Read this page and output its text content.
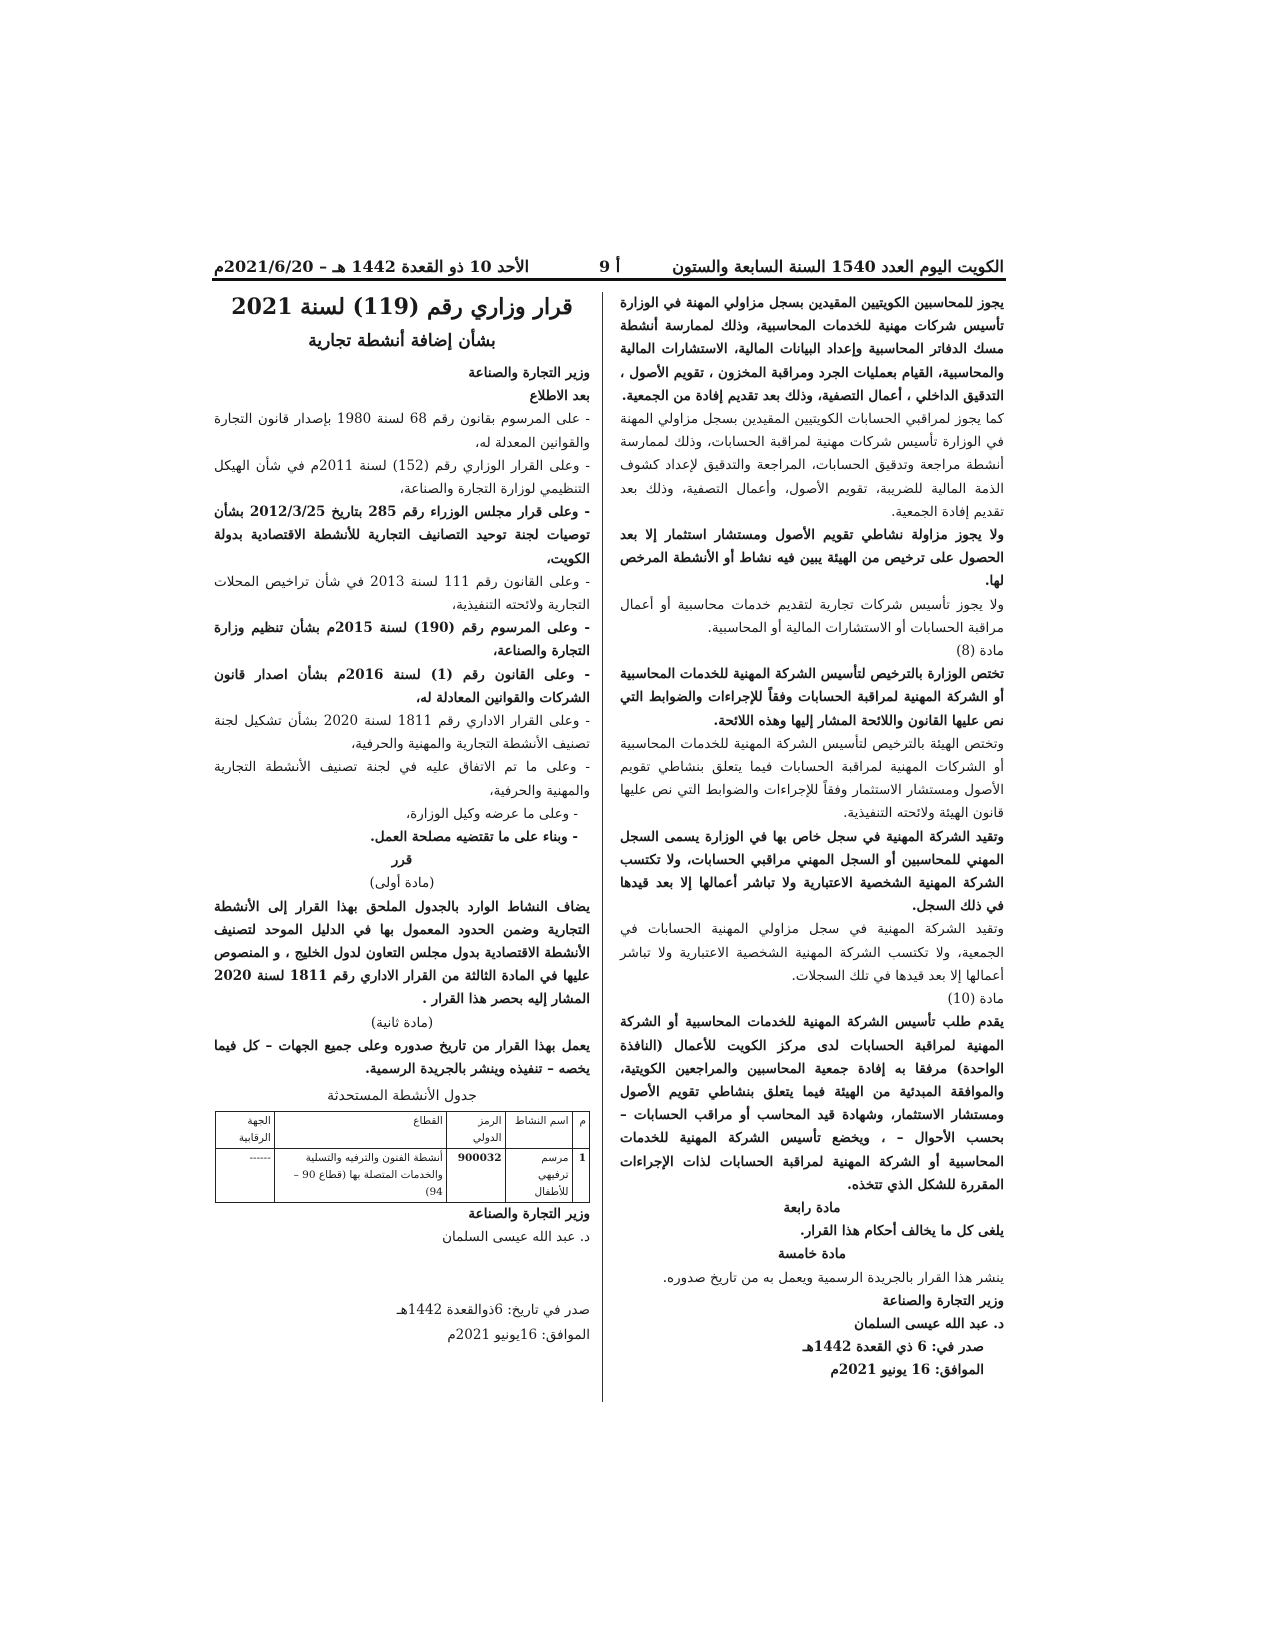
الكويت اليوم العدد 1540 السنة السابعة والستون
أ 9
الأحد 10 ذو القعدة 1442 هـ – 2021/6/20م

يجوز للمحاسبين الكويتيين المقيدين بسجل مزاولي المهنة في الوزارة تأسيس شركات مهنية للخدمات المحاسبية، وذلك لممارسة أنشطة مسك الدفاتر المحاسبية وإعداد البيانات المالية، الاستشارات المالية والمحاسبية، القيام بعمليات الجرد ومراقبة المخزون ، تقويم الأصول ، التدقيق الداخلي ، أعمال التصفية، وذلك بعد تقديم إفادة من الجمعية.

كما يجوز لمراقبي الحسابات الكويتيين المقيدين بسجل مزاولي المهنة في الوزارة تأسيس شركات مهنية لمراقبة الحسابات، وذلك لممارسة أنشطة مراجعة وتدقيق الحسابات، المراجعة والتدقيق لإعداد كشوف الذمة المالية للضريبة، تقويم الأصول، وأعمال التصفية، وذلك بعد تقديم إفادة الجمعية.

ولا يجوز مزاولة نشاطي تقويم الأصول ومستشار استثمار إلا بعد الحصول على ترخيص من الهيئة يبين فيه نشاط أو الأنشطة المرخص لها.

ولا يجوز تأسيس شركات تجارية لتقديم خدمات محاسبية أو أعمال مراقبة الحسابات أو الاستشارات المالية أو المحاسبية.

مادة (8)

تختص الوزارة بالترخيص لتأسيس الشركة المهنية للخدمات المحاسبية أو الشركة المهنية لمراقبة الحسابات وفقاً للإجراءات والضوابط التي نص عليها القانون واللائحة المشار إليها وهذه اللائحة.

وتختص الهيئة بالترخيص لتأسيس الشركة المهنية للخدمات المحاسبية أو الشركات المهنية لمراقبة الحسابات فيما يتعلق بنشاطي تقويم الأصول ومستشار الاستثمار وفقاً للإجراءات والضوابط التي نص عليها قانون الهيئة ولائحته التنفيذية.

وتقيد الشركة المهنية في سجل خاص بها في الوزارة يسمى السجل المهني للمحاسبين أو السجل المهني مراقبي الحسابات، ولا تكتسب الشركة المهنية الشخصية الاعتبارية ولا تباشر أعمالها إلا بعد قيدها في ذلك السجل.

وتقيد الشركة المهنية في سجل مزاولي المهنية الحسابات في الجمعية، ولا تكتسب الشركة المهنية الشخصية الاعتبارية ولا تباشر أعمالها إلا بعد قيدها في تلك السجلات.

مادة (10)

يقدم طلب تأسيس الشركة المهنية للخدمات المحاسبية أو الشركة المهنية لمراقبة الحسابات لدى مركز الكويت للأعمال (النافذة الواحدة) مرفقا به إفادة جمعية المحاسبين والمراجعين الكويتية، والموافقة المبدئية من الهيئة فيما يتعلق بنشاطي تقويم الأصول ومستشار الاستثمار، وشهادة قيد المحاسب أو مراقب الحسابات – بحسب الأحوال – ، ويخضع تأسيس الشركة المهنية للخدمات المحاسبية أو الشركة المهنية لمراقبة الحسابات لذات الإجراءات المقررة للشكل الذي تتخذه.

مادة رابعة

يلغى كل ما يخالف أحكام هذا القرار.

مادة خامسة

ينشر هذا القرار بالجريدة الرسمية ويعمل به من تاريخ صدوره.

وزير التجارة والصناعة

د. عبد الله عيسى السلمان

صدر في: 6 ذي القعدة 1442هـ

الموافق: 16 يونيو 2021م

قرار وزاري رقم (119) لسنة 2021
بشأن إضافة أنشطة تجارية

وزير التجارة والصناعة

بعد الاطلاع

- على المرسوم بقانون رقم 68 لسنة 1980 بإصدار قانون التجارة والقوانين المعدلة له،

- وعلى القرار الوزاري رقم (152) لسنة 2011م في شأن الهيكل التنظيمي لوزارة التجارة والصناعة،

- وعلى قرار مجلس الوزراء رقم 285 بتاريخ 2012/3/25 بشأن توصيات لجنة توحيد التصانيف التجارية للأنشطة الاقتصادية بدولة الكويت،

- وعلى القانون رقم 111 لسنة 2013 في شأن تراخيص المحلات التجارية ولائحته التنفيذية،

- وعلى المرسوم رقم (190) لسنة 2015م بشأن تنظيم وزارة التجارة والصناعة،

- وعلى القانون رقم (1) لسنة 2016م بشأن اصدار قانون الشركات والقوانين المعادلة له،

- وعلى القرار الاداري رقم 1811 لسنة 2020 بشأن تشكيل لجنة تصنيف الأنشطة التجارية والمهنية والحرفية،

- وعلى ما تم الاتفاق عليه في لجنة تصنيف الأنشطة التجارية والمهنية والحرفية،

- وعلى ما عرضه وكيل الوزارة،

- وبناء على ما تقتضيه مصلحة العمل.

قرر

(مادة أولى)

يضاف النشاط الوارد بالجدول الملحق بهذا القرار إلى الأنشطة التجارية وضمن الحدود المعمول بها في الدليل الموحد لتصنيف الأنشطة الاقتصادية بدول مجلس التعاون لدول الخليج ، و المنصوص عليها في المادة الثالثة من القرار الاداري رقم 1811 لسنة 2020 المشار إليه بحصر هذا القرار .

(مادة ثانية)

يعمل بهذا القرار من تاريخ صدوره وعلى جميع الجهات – كل فيما يخصه – تنفيذه وينشر بالجريدة الرسمية.

جدول الأنشطة المستحدثة
م	اسم النشاط	الرمز الدولي	القطاع	الجهة الرقابية
1	مرسم ترفيهي للأطفال	900032	أنشطة الفنون والترفيه والتسلية والخدمات المتصلة بها (قطاع 90 – 94)	------

وزير التجارة والصناعة

د. عبد الله عيسى السلمان

صدر في تاريخ: 6ذوالقعدة 1442هـ

الموافق: 16يونيو 2021م
